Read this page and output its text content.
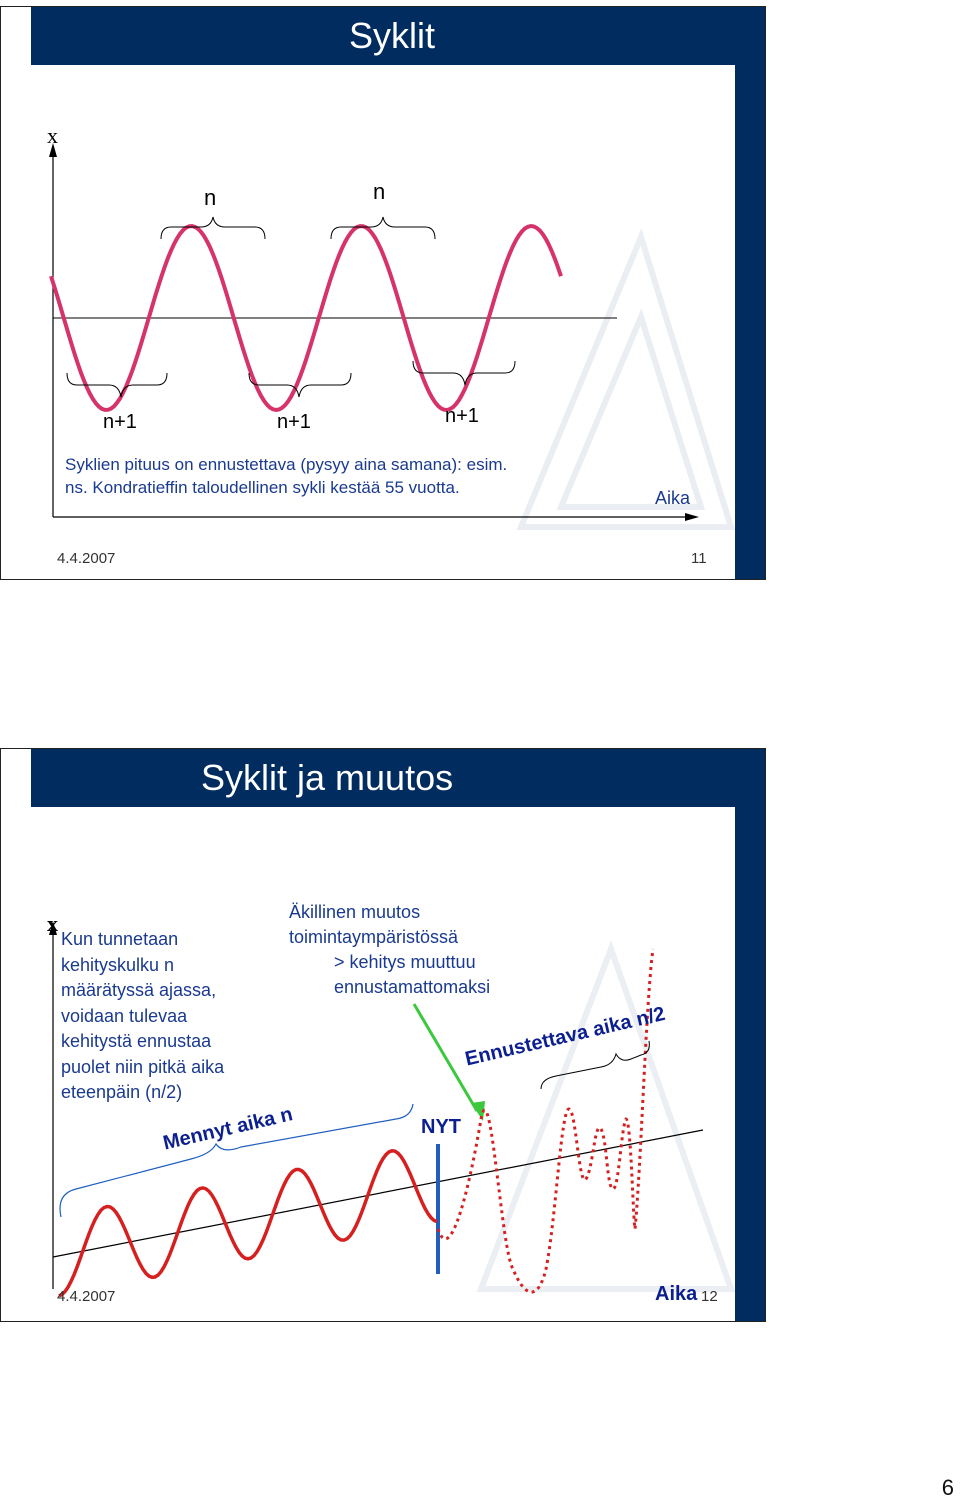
Syklit
x
n	n
n+1	n+1	n+1
Syklien pituus on ennustettava (pysyy aina samana): esim.
ns. Kondratieffin taloudellinen sykli kestää 55 vuotta.
Aika
4.4.2007	11
Syklit ja muutos
x
Kun tunnetaan
kehityskulku n
määrätyssä ajassa,
voidaan tulevaa
kehitystä ennustaa
puolet niin pitkä aika
eteenpäin (n/2)
Äkillinen muutos
toimintaympäristössä
> kehitys muuttuu
ennustamattomaksi
Mennyt aika n
Ennustettava aika n/2
NYT
4.4.2007	Aika 12
6
